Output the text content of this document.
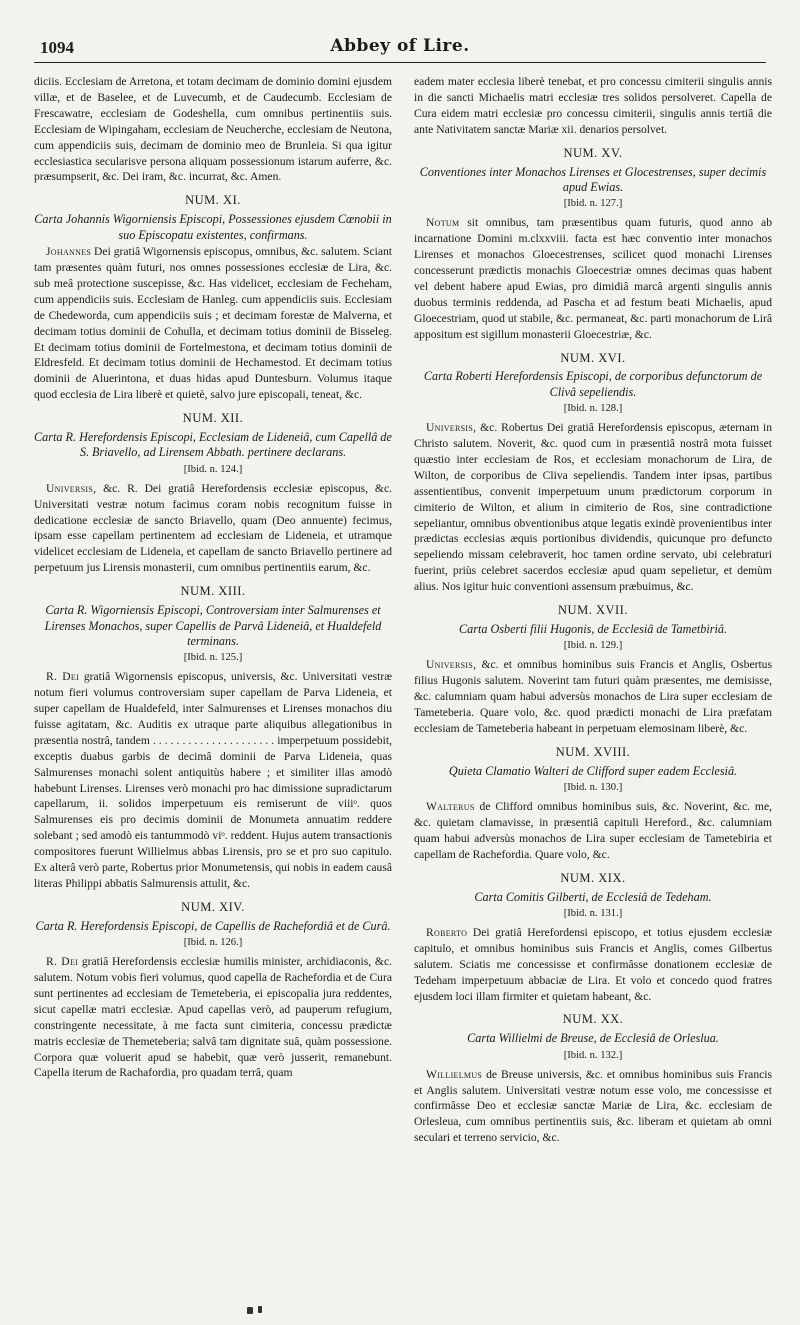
1094	Abbey of Lire.

diciis. Ecclesiam de Arretona, et totam decimam de dominio domini ejusdem villæ, et de Baselee, et de Luvecumb, et de Caudecumb. Ecclesiam de Frescawatre, ecclesiam de Godeshella, cum omnibus pertinentiis suis. Ecclesiam de Wipingaham, ecclesiam de Neucherche, ecclesiam de Neutona, cum appendiciis suis, decimam de dominio meo de Brunleia. Si qua igitur ecclesiastica secularisve persona aliquam possessionum istarum auferre, &c. præsumpserit, &c. Dei iram, &c. incurrat, &c. Amen.

NUM. XI.
Carta Johannis Wigorniensis Episcopi, Possessiones ejusdem Cœnobii in suo Episcopatu existentes, confirmans.

Johannes Dei gratiâ Wigornensis episcopus, omnibus, &c. salutem. Sciant tam præsentes quàm futuri, nos omnes possessiones ecclesiæ de Lira, &c. sub meâ protectione suscepisse, &c. Has videlicet, ecclesiam de Fecheham, cum appendiciis suis. Ecclesiam de Hanleg. cum appendiciis suis. Ecclesiam de Chedeworda, cum appendiciis suis ; et decimam forestæ de Malverna, et decimam totius dominii de Cohulla, et decimam totius dominii de Bisseleg. Et decimam totius dominii de Fortelmestona, et decimam totius dominii de Eldresfeld. Et decimam totius dominii de Hechamestod. Et decimam totius dominii de Aluerintona, et duas hidas apud Duntesburn. Volumus itaque quod ecclesia de Lira liberè et quietè, salvo jure episcopali, teneat, &c.

NUM. XII.
Carta R. Herefordensis Episcopi, Ecclesiam de Lideneiâ, cum Capellâ de S. Briavello, ad Lirensem Abbath. pertinere declarans.
[Ibid. n. 124.]

Universis, &c. R. Dei gratiâ Herefordensis ecclesiæ episcopus, &c. Universitati vestræ notum facimus coram nobis recognitum fuisse in dedicatione ecclesiæ de sancto Briavello, quam (Deo annuente) fecimus, ipsam esse capellam pertinentem ad ecclesiam de Lideneia, et utramque videlicet ecclesiam de Lideneia, et capellam de sancto Briavello pertinere ad perpetuum jus Lirensis monasterii, cum omnibus pertinentiis earum, &c.

NUM. XIII.
Carta R. Wigorniensis Episcopi, Controversiam inter Salmurenses et Lirenses Monachos, super Capellis de Parvâ Lideneiâ, et Hualdefeld terminans.
[Ibid. n. 125.]

R. Dei gratiâ Wigornensis episcopus, universis, &c. Universitati vestræ notum fieri volumus controversiam super capellam de Parva Lideneia, et super capellam de Hualdefeld, inter Salmurenses et Lirenses monachos diu fuisse agitatam, &c. Auditis ex utraque parte aliquibus allegationibus in præsentia nostrâ, tandem . . . . . . . . . . . . . . . . . . . . . imperpetuum possidebit, exceptis duabus garbis de decimâ dominii de Parva Lideneia, quas Salmurenses monachi solent antiquitùs habere ; et similiter illas amodò habebunt Lirenses. Lirenses verò monachi pro hac dimissione supradictarum capellarum, ii. solidos imperpetuum eis remiserunt de viiiᵒ. quos Salmurenses eis pro decimis dominii de Monumeta annuatim reddere solebant ; sed amodò eis tantummodò viᵒ. reddent. Hujus autem transactionis compositores fuerunt Willielmus abbas Lirensis, pro se et pro suo capitulo. Ex alterâ verò parte, Robertus prior Monumetensis, qui nobis in eadem causâ literas Philippi abbatis Salmurensis attulit, &c.

NUM. XIV.
Carta R. Herefordensis Episcopi, de Capellis de Rachefordiâ et de Curâ.
[Ibid. n. 126.]

R. Dei gratiâ Herefordensis ecclesiæ humilis minister, archidiaconis, &c. salutem. Notum vobis fieri volumus, quod capella de Rachefordia et de Cura sunt pertinentes ad ecclesiam de Temeteberia, ei episcopalia jura reddentes, sicut capellæ matri ecclesiæ. Apud capellas verò, ad pauperum refugium, constringente necessitate, à me facta sunt cimiteria, concessu prædictæ matris ecclesiæ de Themeteberia; salvâ tam dignitate suâ, quàm possessione. Corpora quæ voluerit apud se habebit, quæ verò jusserit, remanebunt. Capella iterum de Rachafordia, pro quadam terrâ, quam

eadem mater ecclesia liberè tenebat, et pro concessu cimiterii singulis annis in die sancti Michaelis matri ecclesiæ tres solidos persolveret. Capella de Cura eidem matri ecclesiæ pro concessu cimiterii, singulis annis tertiâ die ante Nativitatem sanctæ Mariæ xii. denarios persolvet.

NUM. XV.
Conventiones inter Monachos Lirenses et Glocestrenses, super decimis apud Ewias.
[Ibid. n. 127.]

Notum sit omnibus, tam præsentibus quam futuris, quod anno ab incarnatione Domini m.clxxviii. facta est hæc conventio inter monachos Lirenses et monachos Gloecestrenses, scilicet quod monachi Lirenses concesserunt prædictis monachis Gloecestriæ omnes decimas quas habent vel debent habere apud Ewias, pro dimidiâ marcâ argenti singulis annis duobus terminis reddenda, ad Pascha et ad festum beati Michaelis, apud Gloecestriam, quod ut stabile, &c. permaneat, &c. parti monachorum de Lirâ appositum est sigillum monasterii Gloecestriæ, &c.

NUM. XVI.
Carta Roberti Herefordensis Episcopi, de corporibus defunctorum de Clivâ sepeliendis.
[Ibid. n. 128.]

Universis, &c. Robertus Dei gratiâ Herefordensis episcopus, æternam in Christo salutem. Noverit, &c. quod cum in præsentiâ nostrâ mota fuisset quæstio inter ecclesiam de Ros, et ecclesiam monachorum de Lira, de Wilton, de corporibus de Cliva sepeliendis. Tandem inter ipsas, partibus assentientibus, convenit imperpetuum unum prædictorum corporum in cimiterio de Wilton, et alium in cimiterio de Ros, sine contradictione sepeliantur, omnibus obventionibus atque legatis exindè provenientibus inter prædictas ecclesias æquis portionibus dividendis, quicunque pro defuncto sepeliendo missam celebraverit, hoc tamen ordine servato, ubi celebraturi fuerint, priùs celebret sacerdos ecclesiæ apud quam sepelietur, et demùm alius. Nos igitur huic conventioni assensum præbuimus, &c.

NUM. XVII.
Carta Osberti filii Hugonis, de Ecclesiâ de Tametbiriâ.
[Ibid. n. 129.]

Universis, &c. et omnibus hominibus suis Francis et Anglis, Osbertus filius Hugonis salutem. Noverint tam futuri quàm præsentes, me demisisse, &c. calumniam quam habui adversùs monachos de Lira super ecclesiam de Tameteberia. Quare volo, &c. quod prædicti monachi de Lira præfatam ecclesiam de Tameteberia habeant in perpetuam elemosinam liberè, &c.

NUM. XVIII.
Quieta Clamatio Walteri de Clifford super eadem Ecclesiâ.
[Ibid. n. 130.]

Walterus de Clifford omnibus hominibus suis, &c. Noverint, &c. me, &c. quietam clamavisse, in præsentiâ capituli Hereford., &c. calumniam quam habui adversùs monachos de Lira super ecclesiam de Tametebiria et capellam de Rachefordia. Quare volo, &c.

NUM. XIX.
Carta Comitis Gilberti, de Ecclesiâ de Tedeham.
[Ibid. n. 131.]

Roberto Dei gratiâ Herefordensi episcopo, et totius ejusdem ecclesiæ capitulo, et omnibus hominibus suis Francis et Anglis, comes Gilbertus salutem. Sciatis me concessisse et confirmâsse donationem ecclesiæ de Tedeham imperpetuum abbaciæ de Lira. Et volo et concedo quod fratres ejusdem loci illam firmiter et quietam habeant, &c.

NUM. XX.
Carta Willielmi de Breuse, de Ecclesiâ de Orleslua.
[Ibid. n. 132.]

Willielmus de Breuse universis, &c. et omnibus hominibus suis Francis et Anglis salutem. Universitati vestræ notum esse volo, me concessisse et confirmâsse Deo et ecclesiæ sanctæ Mariæ de Lira, &c. ecclesiam de Orlesleua, cum omnibus pertinentiis suis, &c. liberam et quietam ab omni seculari et terreno servicio, &c.
